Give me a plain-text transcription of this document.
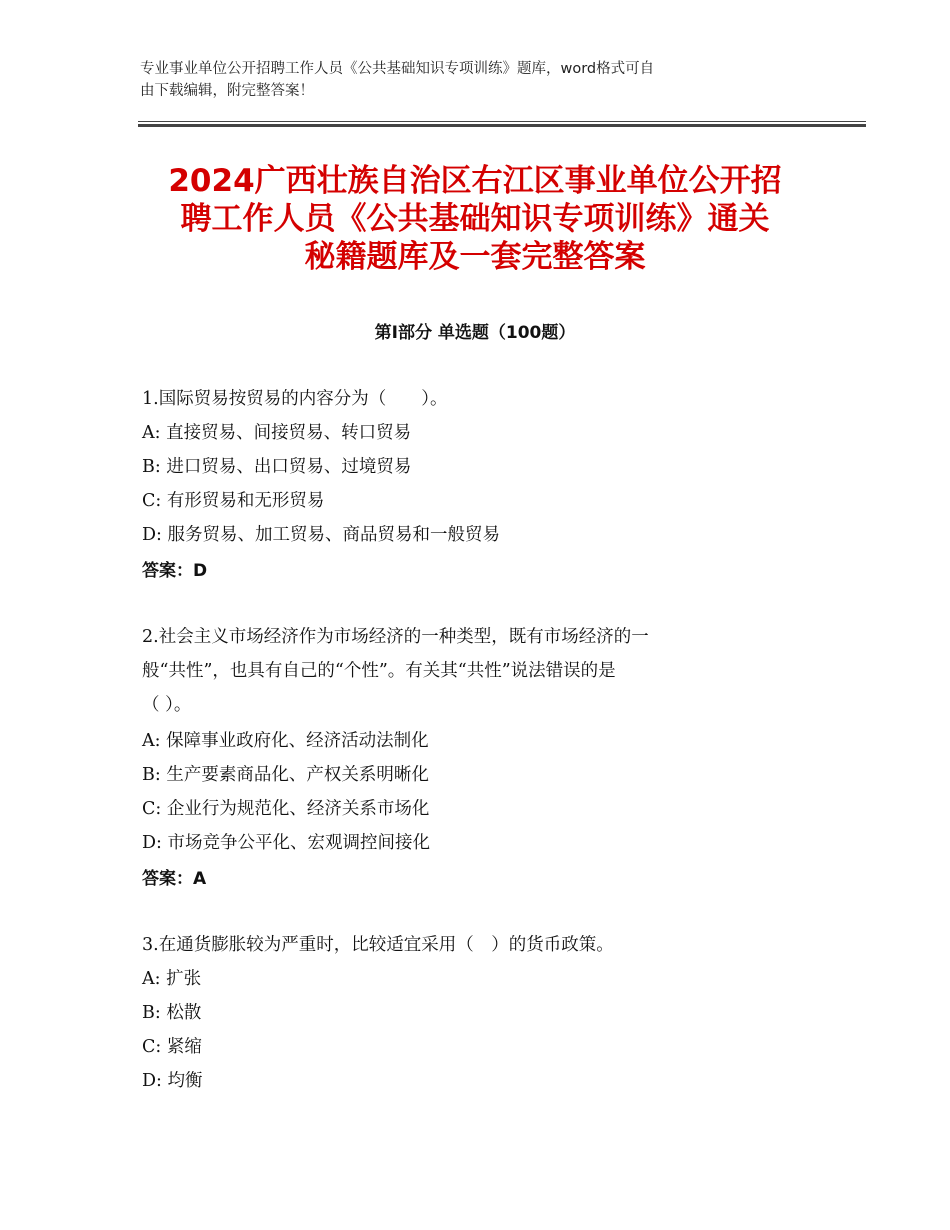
专业事业单位公开招聘工作人员《公共基础知识专项训练》题库，word格式可自
由下载编辑，附完整答案！
2024广西壮族自治区右江区事业单位公开招
聘工作人员《公共基础知识专项训练》通关
秘籍题库及一套完整答案
第Ⅰ部分 单选题（100题）
1.国际贸易按贸易的内容分为（　　）。
A: 直接贸易、间接贸易、转口贸易
B: 进口贸易、出口贸易、过境贸易
C: 有形贸易和无形贸易
D: 服务贸易、加工贸易、商品贸易和一般贸易
答案：D
2.社会主义市场经济作为市场经济的一种类型，既有市场经济的一
般“共性”，也具有自己的“个性”。有关其“共性”说法错误的是
（ ）。
A: 保障事业政府化、经济活动法制化
B: 生产要素商品化、产权关系明晰化
C: 企业行为规范化、经济关系市场化
D: 市场竞争公平化、宏观调控间接化
答案：A
3.在通货膨胀较为严重时，比较适宜采用（　）的货币政策。
A: 扩张
B: 松散
C: 紧缩
D: 均衡
